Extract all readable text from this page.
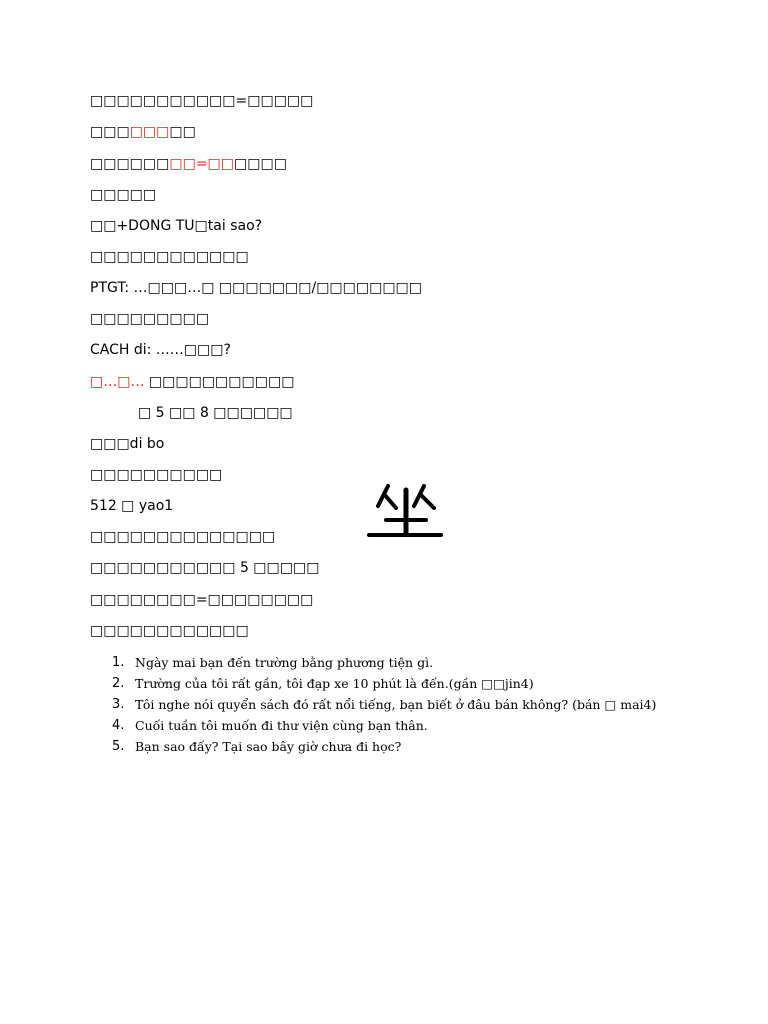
□□□□□□□□□□□=□□□□□
□□□□□□□□
□□□□□□□□=□□□□□□
□□□□□
□□+DONG TU□tai sao?
□□□□□□□□□□□□
PTGT: …□□□…□ □□□□□□□/□□□□□□□□
□□□□□□□□□
CACH di: ……□□□?
□…□… □□□□□□□□□□□
□ 5 □□ 8 □□□□□□
□□□di bo
□□□□□□□□□□
512 □ yao1
□□□□□□□□□□□□□□
□□□□□□□□□□□ 5 □□□□□
□□□□□□□□=□□□□□□□□
□□□□□□□□□□□□
1. Ngày mai bạn đến trường bằng phương tiện gì.
2. Trường của tôi rất gần, tôi đạp xe 10 phút là đến.(gần □□jin4)
3. Tôi nghe nói quyển sách đó rất nổi tiếng, bạn biết ở đâu bán không? (bán □ mai4)
4. Cuối tuần tôi muốn đi thư viện cùng bạn thân.
5. Bạn sao đấy? Tại sao bây giờ chưa đi học?
